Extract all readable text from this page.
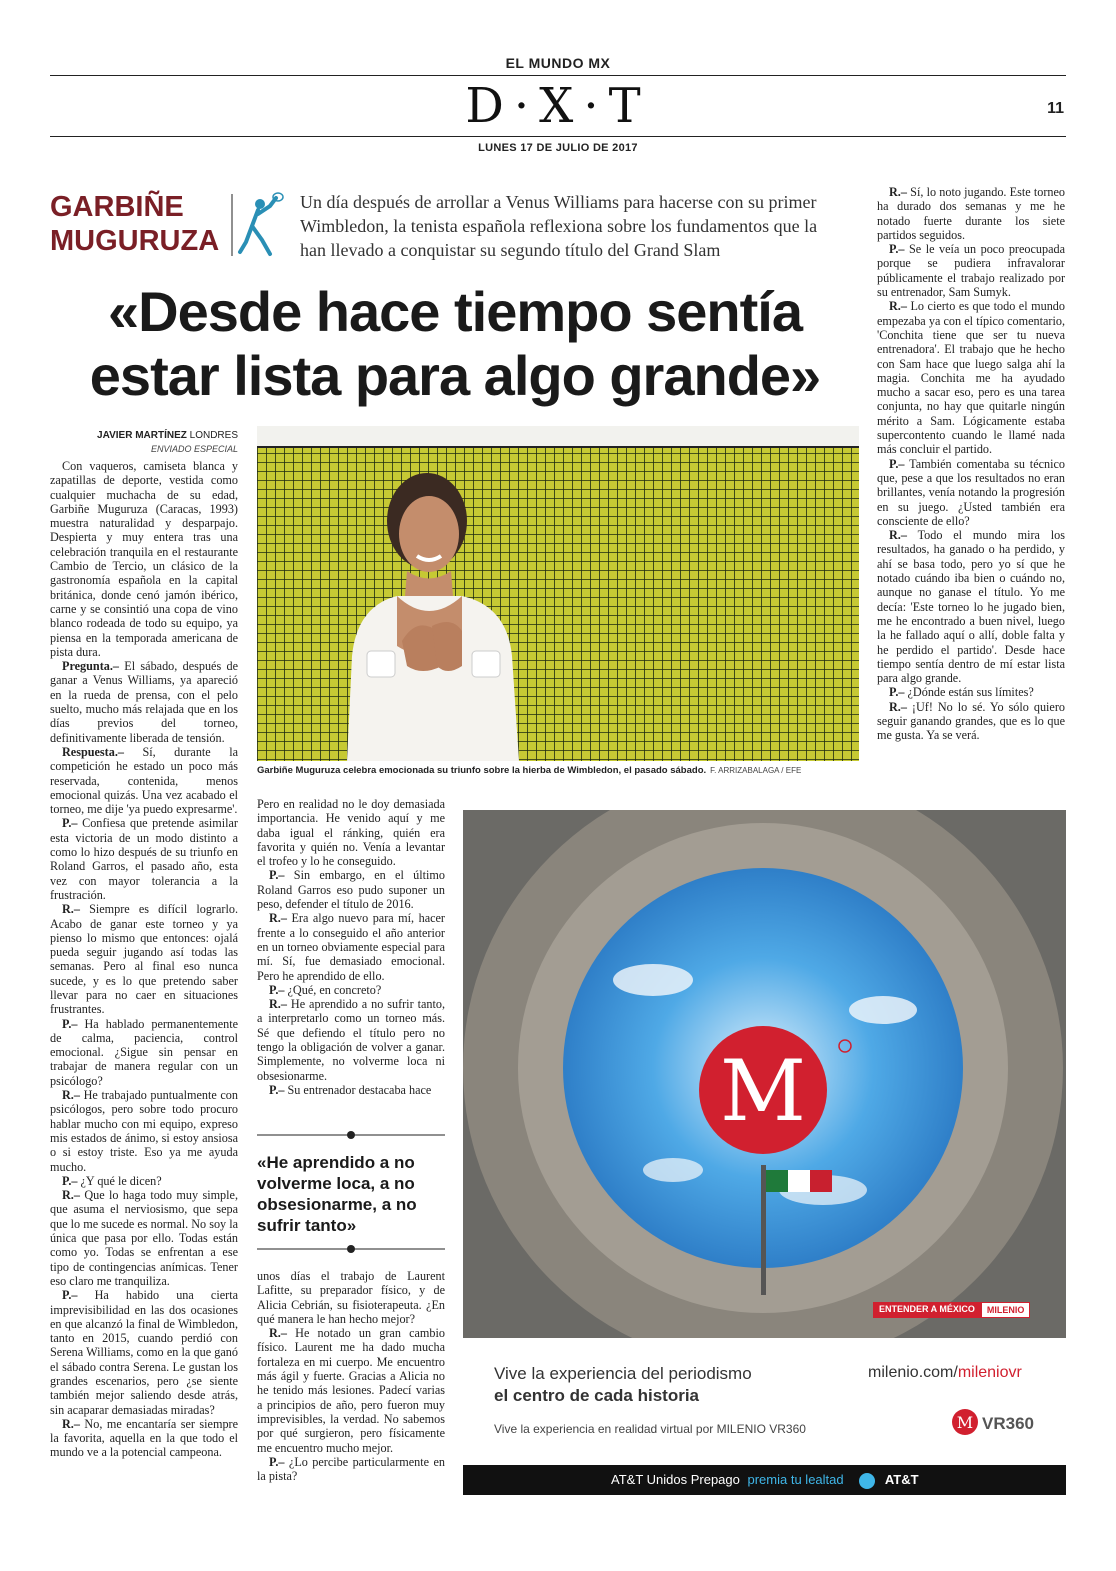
EL MUNDO MX
D·X·T	11
LUNES 17 DE JULIO DE 2017
GARBIÑE MUGURUZA
Un día después de arrollar a Venus Williams para hacerse con su primer Wimbledon, la tenista española reflexiona sobre los fundamentos que la han llevado a conquistar su segundo título del Grand Slam
«Desde hace tiempo sentía estar lista para algo grande»
JAVIER MARTÍNEZ LONDRES
ENVIADO ESPECIAL

Con vaqueros, camiseta blanca y zapatillas de deporte, vestida como cualquier muchacha de su edad, Garbiñe Muguruza (Caracas, 1993) muestra naturalidad y desparpajo. Despierta y muy entera tras una celebración tranquila en el restaurante Cambio de Tercio, un clásico de la gastronomía española en la capital británica, donde cenó jamón ibérico, carne y se consintió una copa de vino blanco rodeada de todo su equipo, ya piensa en la temporada americana de pista dura.

Pregunta.– El sábado, después de ganar a Venus Williams, ya apareció en la rueda de prensa, con el pelo suelto, mucho más relajada que en los días previos del torneo, definitivamente liberada de tensión.

Respuesta.– Sí, durante la competición he estado un poco más reservada, contenida, menos emocional quizás. Una vez acabado el torneo, me dije 'ya puedo expresarme'.

P.– Confiesa que pretende asimilar esta victoria de un modo distinto a como lo hizo después de su triunfo en Roland Garros, el pasado año, esta vez con mayor tolerancia a la frustración.

R.– Siempre es difícil lograrlo. Acabo de ganar este torneo y ya pienso lo mismo que entonces: ojalá pueda seguir jugando así todas las semanas. Pero al final eso nunca sucede, y es lo que pretendo saber llevar para no caer en situaciones frustrantes.

P.– Ha hablado permanentemente de calma, paciencia, control emocional. ¿Sigue sin pensar en trabajar de manera regular con un psicólogo?

R.– He trabajado puntualmente con psicólogos, pero sobre todo procuro hablar mucho con mi equipo, expreso mis estados de ánimo, si estoy ansiosa o si estoy triste. Eso ya me ayuda mucho.

P.– ¿Y qué le dicen?

R.– Que lo haga todo muy simple, que asuma el nerviosismo, que sepa que lo me sucede es normal. No soy la única que pasa por ello. Todas están como yo. Todas se enfrentan a ese tipo de contingencias anímicas. Tener eso claro me tranquiliza.

P.– Ha habido una cierta imprevisibilidad en las dos ocasiones en que alcanzó la final de Wimbledon, tanto en 2015, cuando perdió con Serena Williams, como en la que ganó el sábado contra Serena. Le gustan los grandes escenarios, pero ¿se siente también mejor saliendo desde atrás, sin acaparar demasiadas miradas?

R.– No, me encantaría ser siempre la favorita, aquella en la que todo el mundo ve a la potencial campeona.

Garbiñe Muguruza celebra emocionada su triunfo sobre la hierba de Wimbledon, el pasado sábado. F. ARRIZABALAGA / EFE

Pero en realidad no le doy demasiada importancia. He venido aquí y me daba igual el ránking, quién era favorita y quién no. Venía a levantar el trofeo y lo he conseguido.

P.– Sin embargo, en el último Roland Garros eso pudo suponer un peso, defender el título de 2016.

R.– Era algo nuevo para mí, hacer frente a lo conseguido el año anterior en un torneo obviamente especial para mí. Sí, fue demasiado emocional. Pero he aprendido de ello.

P.– ¿Qué, en concreto?

R.– He aprendido a no sufrir tanto, a interpretarlo como un torneo más. Sé que defiendo el título pero no tengo la obligación de volver a ganar. Simplemente, no volverme loca ni obsesionarme.

P.– Su entrenador destacaba hace

«He aprendido a no volverme loca, a no obsesionarme, a no sufrir tanto»

unos días el trabajo de Laurent Lafitte, su preparador físico, y de Alicia Cebrián, su fisioterapeuta. ¿En qué manera le han hecho mejor?

R.– He notado un gran cambio físico. Laurent me ha dado mucha fortaleza en mi cuerpo. Me encuentro más ágil y fuerte. Gracias a Alicia no he tenido más lesiones. Padecí varias a principios de año, pero fueron muy imprevisibles, la verdad. No sabemos por qué surgieron, pero físicamente me encuentro mucho mejor.

P.– ¿Lo percibe particularmente en la pista?

R.– Sí, lo noto jugando. Este torneo ha durado dos semanas y me he notado fuerte durante los siete partidos seguidos.

P.– Se le veía un poco preocupada porque se pudiera infravalorar públicamente el trabajo realizado por su entrenador, Sam Sumyk.

R.– Lo cierto es que todo el mundo empezaba ya con el típico comentario, 'Conchita tiene que ser tu nueva entrenadora'. El trabajo que he hecho con Sam hace que luego salga ahí la magia. Conchita me ha ayudado mucho a sacar eso, pero es una tarea conjunta, no hay que quitarle ningún mérito a Sam. Lógicamente estaba supercontento cuando le llamé nada más concluir el partido.

P.– También comentaba su técnico que, pese a que los resultados no eran brillantes, venía notando la progresión en su juego. ¿Usted también era consciente de ello?

R.– Todo el mundo mira los resultados, ha ganado o ha perdido, y ahí se basa todo, pero yo sí que he notado cuándo iba bien o cuándo no, aunque no ganase el título. Yo me decía: 'Este torneo lo he jugado bien, me he encontrado a buen nivel, luego la he fallado aquí o allí, doble falta y he perdido el partido'. Desde hace tiempo sentía dentro de mí estar lista para algo grande.

P.– ¿Dónde están sus límites?

R.– ¡Uf! No lo sé. Yo sólo quiero seguir ganando grandes, que es lo que me gusta. Ya se verá.

M
ENTENDER A MÉXICO	MILENIO
Vive la experiencia del periodismo
el centro de cada historia
Vive la experiencia en realidad virtual por MILENIO VR360
milenio.com/mileniovr
M VR360
AT&T Unidos Prepago premia tu lealtad	AT&T
